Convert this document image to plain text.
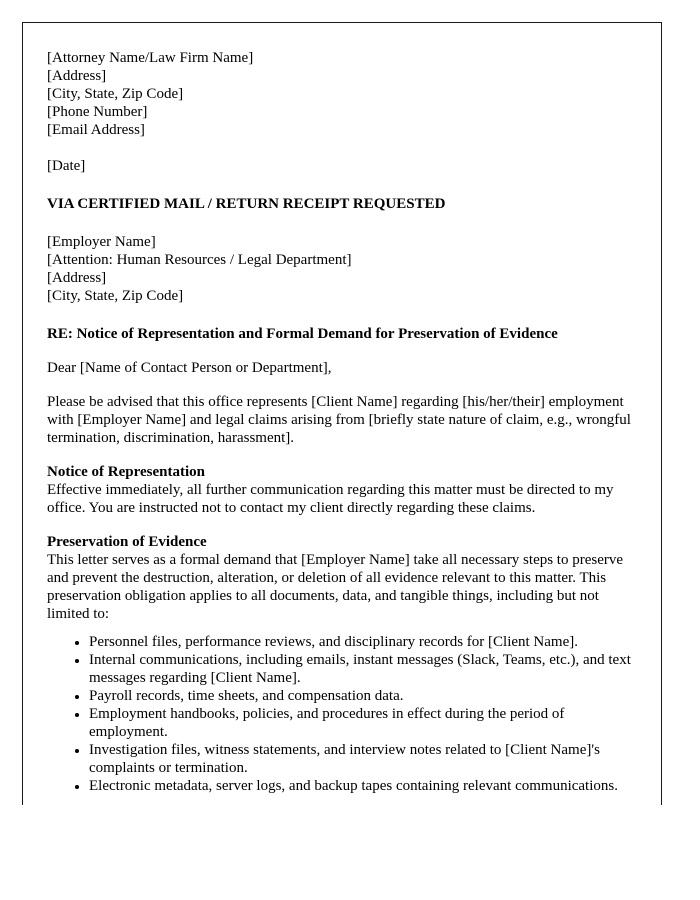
[Attorney Name/Law Firm Name]
[Address]
[City, State, Zip Code]
[Phone Number]
[Email Address]
[Date]
VIA CERTIFIED MAIL / RETURN RECEIPT REQUESTED
[Employer Name]
[Attention: Human Resources / Legal Department]
[Address]
[City, State, Zip Code]
RE: Notice of Representation and Formal Demand for Preservation of Evidence
Dear [Name of Contact Person or Department],

Please be advised that this office represents [Client Name] regarding [his/her/their] employment with [Employer Name] and legal claims arising from [briefly state nature of claim, e.g., wrongful termination, discrimination, harassment].

Notice of Representation

Effective immediately, all further communication regarding this matter must be directed to my office. You are instructed not to contact my client directly regarding these claims.

Preservation of Evidence

This letter serves as a formal demand that [Employer Name] take all necessary steps to preserve and prevent the destruction, alteration, or deletion of all evidence relevant to this matter. This preservation obligation applies to all documents, data, and tangible things, including but not limited to:

• Personnel files, performance reviews, and disciplinary records for [Client Name].
• Internal communications, including emails, instant messages (Slack, Teams, etc.), and text messages regarding [Client Name].
• Payroll records, time sheets, and compensation data.
• Employment handbooks, policies, and procedures in effect during the period of employment.
• Investigation files, witness statements, and interview notes related to [Client Name]'s complaints or termination.
• Electronic metadata, server logs, and backup tapes containing relevant communications.
